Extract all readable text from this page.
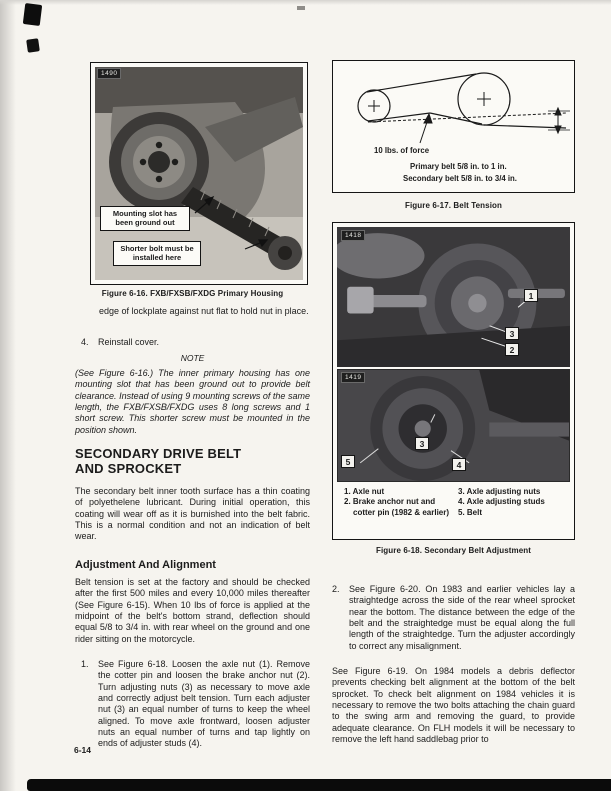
1490
Mounting slot has been ground out
Shorter bolt must be installed here
Figure 6-16. FXB/FXSB/FXDG Primary Housing
edge of lockplate against nut flat to hold nut in place.
4.	Reinstall cover.
NOTE
(See Figure 6-16.) The inner primary housing has one mounting slot that has been ground out to provide belt clearance. Instead of using 9 mounting screws of the same length, the FXB/FXSB/FXDG uses 8 long screws and 1 short screw. This shorter screw must be mounted in the position shown.
SECONDARY DRIVE BELT AND SPROCKET
The secondary belt inner tooth surface has a thin coating of polyethelene lubricant. During initial operation, this coating will wear off as it is burnished into the belt fabric. This is a normal condition and not an indication of belt wear.
Adjustment And Alignment
Belt tension is set at the factory and should be checked after the first 500 miles and every 10,000 miles thereafter (See Figure 6-15). When 10 lbs of force is applied at the midpoint of the belt's bottom strand, deflection should equal 5/8 to 3/4 in. with rear wheel on the ground and one rider sitting on the motorcycle.
1.	See Figure 6-18. Loosen the axle nut (1). Remove the cotter pin and loosen the brake anchor nut (2). Turn adjusting nuts (3) as necessary to move axle and correctly adjust belt tension. Turn each adjuster nut (3) an equal number of turns to keep the wheel aligned. To move axle frontward, loosen adjuster nuts an equal number of turns and tap lightly on ends of adjuster studs (4).
6-14
10 lbs. of force
Primary belt 5/8 in. to 1 in.
Secondary belt 5/8 in. to 3/4 in.
Figure 6-17. Belt Tension
1418
1419
1
3
2
5
3
4
1. Axle nut
2. Brake anchor nut and cotter pin (1982 & earlier)
3. Axle adjusting nuts
4. Axle adjusting studs
5. Belt
Figure 6-18. Secondary Belt Adjustment
2.	See Figure 6-20. On 1983 and earlier vehicles lay a straightedge across the side of the rear wheel sprocket near the bottom. The distance between the edge of the belt and the straightedge must be equal along the full length of the straightedge. Turn the adjuster accordingly to correct any misalignment.
See Figure 6-19. On 1984 models a debris deflector prevents checking belt alignment at the bottom of the belt sprocket. To check belt alignment on 1984 vehicles it is necessary to remove the two bolts attaching the chain guard to the swing arm and removing the guard, to provide adequate clearance. On FLH models it will be necessary to remove the left hand saddlebag prior to
